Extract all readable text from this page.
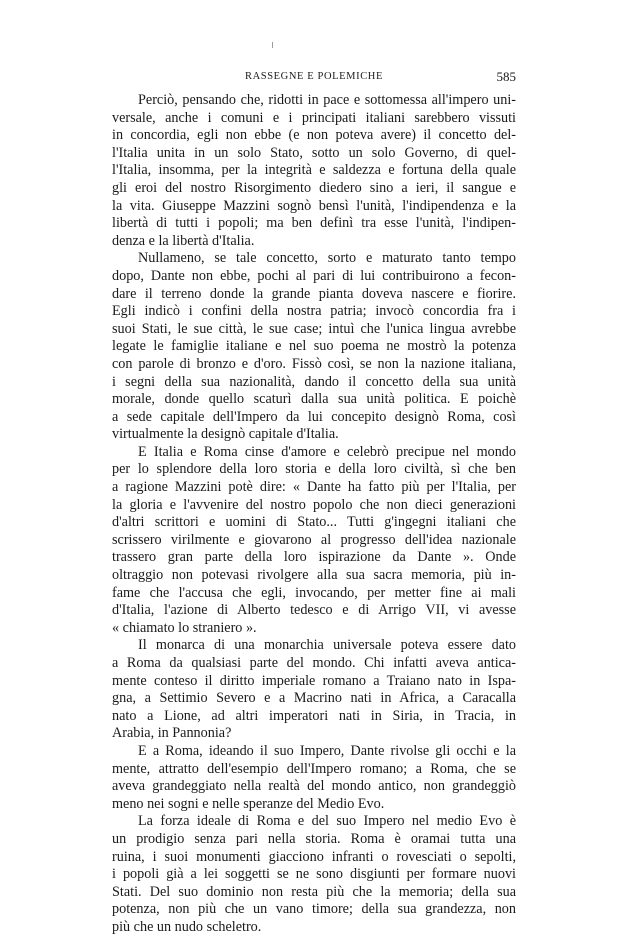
RASSEGNE E POLEMICHE	585
Perciò, pensando che, ridotti in pace e sottomessa all'impero uni-
versale, anche i comuni e i principati italiani sarebbero vissuti
in concordia, egli non ebbe (e non poteva avere) il concetto del-
l'Italia unita in un solo Stato, sotto un solo Governo, di quel-
l'Italia, insomma, per la integrità e saldezza e fortuna della quale
gli eroi del nostro Risorgimento diedero sino a ieri, il sangue e
la vita. Giuseppe Mazzini sognò bensì l'unità, l'indipendenza e la
libertà di tutti i popoli; ma ben definì tra esse l'unità, l'indipen-
denza e la libertà d'Italia.
Nullameno, se tale concetto, sorto e maturato tanto tempo
dopo, Dante non ebbe, pochi al pari di lui contribuirono a fecon-
dare il terreno donde la grande pianta doveva nascere e fiorire.
Egli indicò i confini della nostra patria; invocò concordia fra i
suoi Stati, le sue città, le sue case; intuì che l'unica lingua avrebbe
legate le famiglie italiane e nel suo poema ne mostrò la potenza
con parole di bronzo e d'oro. Fissò così, se non la nazione italiana,
i segni della sua nazionalità, dando il concetto della sua unità
morale, donde quello scaturì dalla sua unità politica. E poichè
a sede capitale dell'Impero da lui concepito designò Roma, così
virtualmente la designò capitale d'Italia.
E Italia e Roma cinse d'amore e celebrò precipue nel mondo
per lo splendore della loro storia e della loro civiltà, sì che ben
a ragione Mazzini potè dire: « Dante ha fatto più per l'Italia, per
la gloria e l'avvenire del nostro popolo che non dieci generazioni
d'altri scrittori e uomini di Stato... Tutti g'ingegni italiani che
scrissero virilmente e giovarono al progresso dell'idea nazionale
trassero gran parte della loro ispirazione da Dante ». Onde
oltraggio non potevasi rivolgere alla sua sacra memoria, più in-
fame che l'accusa che egli, invocando, per metter fine ai mali
d'Italia, l'azione di Alberto tedesco e di Arrigo VII, vi avesse
« chiamato lo straniero ».
Il monarca di una monarchia universale poteva essere dato
a Roma da qualsiasi parte del mondo. Chi infatti aveva antica-
mente conteso il diritto imperiale romano a Traiano nato in Ispa-
gna, a Settimio Severo e a Macrino nati in Africa, a Caracalla
nato a Lione, ad altri imperatori nati in Siria, in Tracia, in
Arabia, in Pannonia?
E a Roma, ideando il suo Impero, Dante rivolse gli occhi e la
mente, attratto dell'esempio dell'Impero romano; a Roma, che se
aveva grandeggiato nella realtà del mondo antico, non grandeggiò
meno nei sogni e nelle speranze del Medio Evo.
La forza ideale di Roma e del suo Impero nel medio Evo è
un prodigio senza pari nella storia. Roma è oramai tutta una
ruina, i suoi monumenti giacciono infranti o rovesciati o sepolti,
i popoli già a lei soggetti se ne sono disgiunti per formare nuovi
Stati. Del suo dominio non resta più che la memoria; della sua
potenza, non più che un vano timore; della sua grandezza, non
più che un nudo scheletro.
